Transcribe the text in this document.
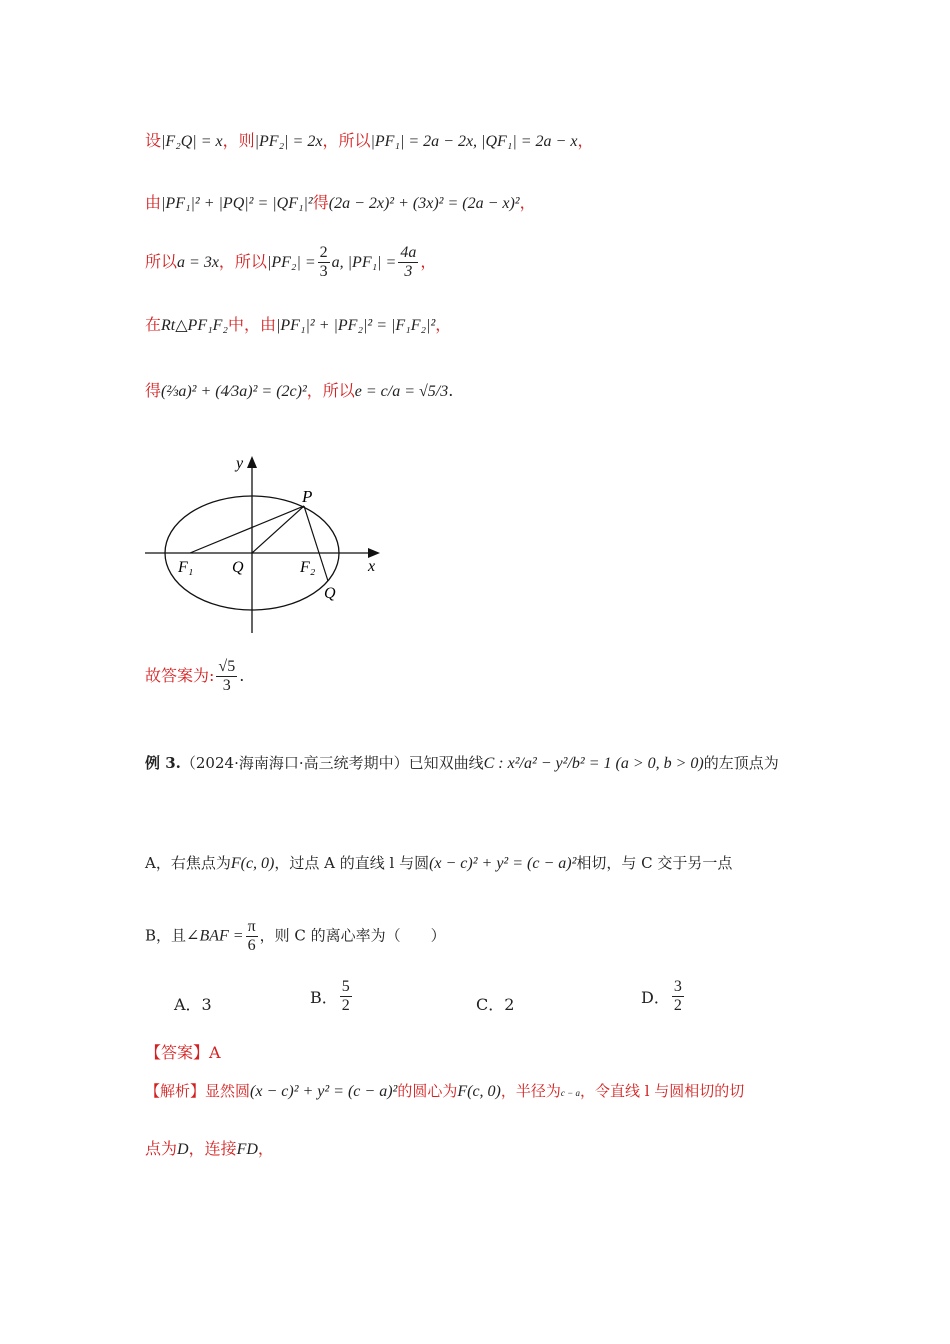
设|F₂Q| = x，则|PF₂| = 2x，所以|PF₁| = 2a − 2x, |QF₁| = 2a − x，
由|PF₁|² + |PQ|² = |QF₁|²得(2a − 2x)² + (3x)² = (2a − x)²，
所以a = 3x，所以$|PF_2| = \frac{2}{3} a$, $|PF_1| = \frac{4a}{3}$ ，
在Rt△PF₁F₂中，由|PF₁|² + |PF₂|² = |F₁F₂|²，
得(⅔a)² + (4⁄3a)² = (2c)²，所以e = c/a = √5/3.
y
x
P
F₁ Q	F₂
Q
故答案为: $\frac{√5}{3}$ .
例 3.（2024·海南海口·高三统考期中）已知双曲线C : x²/a² − y²/b² = 1 (a > 0, b > 0)的左顶点为
A，右焦点为F(c, 0)，过点 A 的直线 l 与圆(x − c)² + y² = (c − a)²相切，与 C 交于另一点
B，且∠BAF = $\frac{\pi}{6}$ ，则 C 的离心率为（　　）
A．3	B． $\frac{5}{2}$	C．2	D． $\frac{3}{2}$
【答案】A
【解析】显然圆(x − c)² + y² = (c − a)²的圆心为F(c, 0)，半径为c − a，令直线 l 与圆相切的切
点为D，连接FD，
